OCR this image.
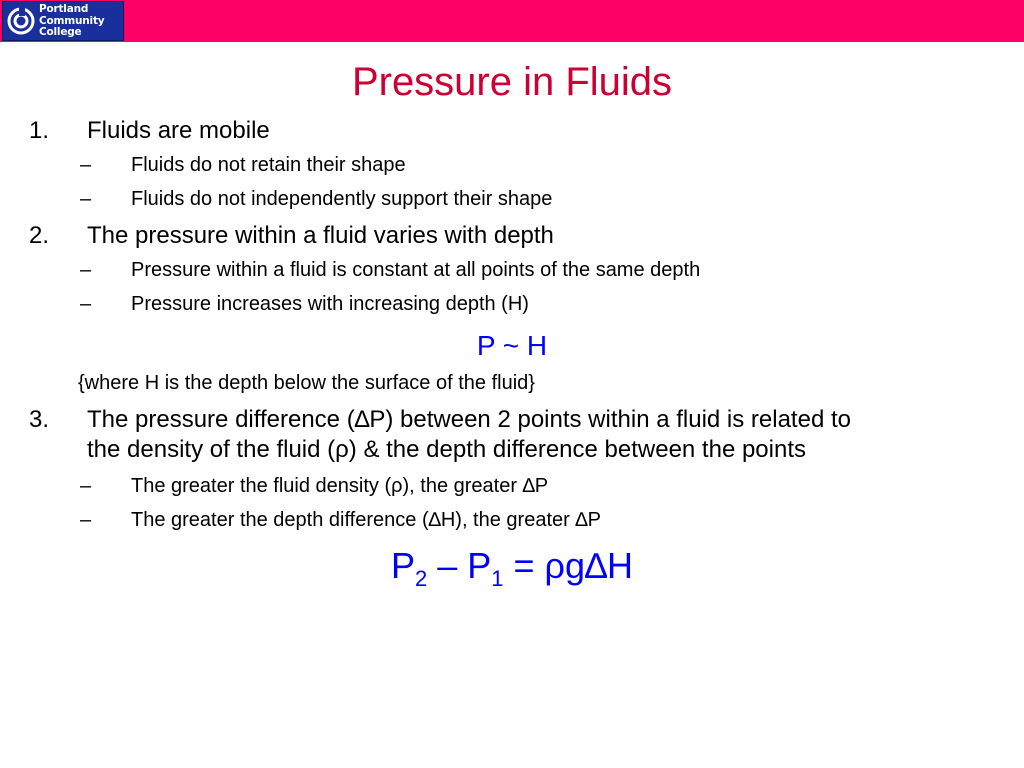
Portland
Community
College
Pressure in Fluids
1. Fluids are mobile
– Fluids do not retain their shape
– Fluids do not independently support their shape
2. The pressure within a fluid varies with depth
– Pressure within a fluid is constant at all points of the same depth
– Pressure increases with increasing depth (H)
P ~ H
{where H is the depth below the surface of the fluid}
3. The pressure difference (∆P) between 2 points within a fluid is related to
the density of the fluid (ρ) & the depth difference between the points
– The greater the fluid density (ρ), the greater ∆P
– The greater the depth difference (∆H), the greater ∆P
$P_2 - P_1 = \rho g\Delta H$
